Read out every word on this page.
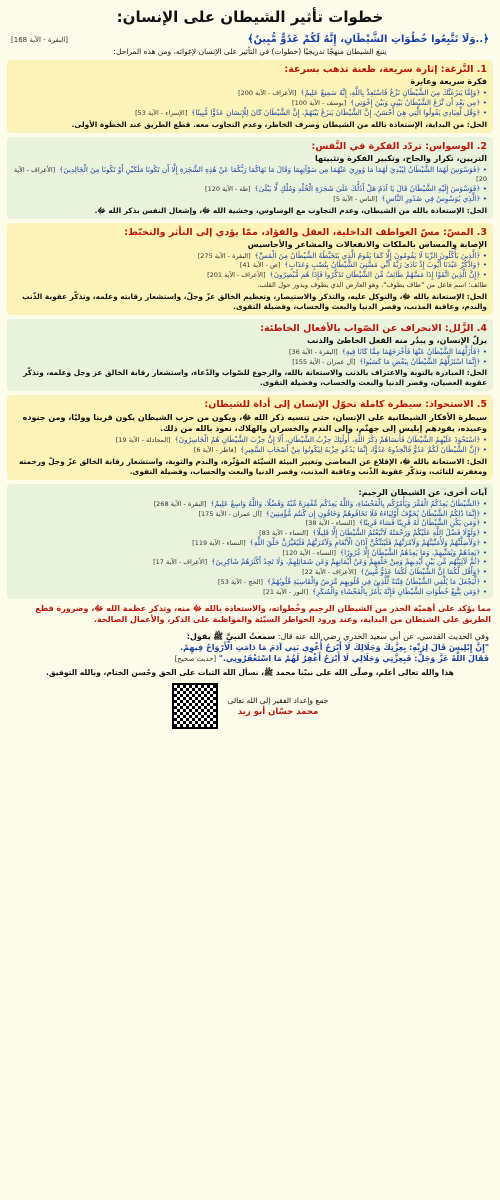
خطوات تأثير الشيطان على الإنسان:
﴿..وَلَا تَتَّبِعُوا خُطُوَاتِ الشَّيْطَانِ، إِنَّهُ لَكُمْ عَدُوٌّ مُّبِينٌ﴾
[البقرة - الآية 168]
يتبع الشيطان منهجًا تدريجيًا (خطوات) في التأثير على الإنسان لإغوائه، ومن هذه المراحل:
1. النَّزغة: إثارة سريعة، طعنة تذهب بسرعة:
فكرة سريعة وعابرة

• ﴿وَإِمَّا يَنزَغَنَّكَ مِنَ الشَّيْطَانِ نَزْغٌ فَاسْتَعِذْ بِاللَّهِ، إِنَّهُ سَمِيعٌ عَلِيمٌ﴾[الأعراف - الآية 200]

• ﴿مِن بَعْدِ أَن نَّزَغَ الشَّيْطَانُ بَيْنِي وَبَيْنَ إِخْوَتِي﴾[يوسف - الآية 100]

• ﴿وَقُل لِّعِبَادِي يَقُولُوا الَّتِي هِيَ أَحْسَنُ، إِنَّ الشَّيْطَانَ يَنزَغُ بَيْنَهُمْ، إِنَّ الشَّيْطَانَ كَانَ لِلْإِنسَانِ عَدُوًّا مُّبِينًا﴾[الإسراء - الآية 53]

الحل: من البداية، الإستعاذة بالله من الشيطان وصرف الخاطر، وعدم التجاوب معه. قطع الطريق عند الخطوة الأولى.
2. الوسواس: تردّد الفكرة في النَّفس:
التزيين، تكرار والحاح، وتكبير الفكرة وتثبيتها

• ﴿فَوَسْوَسَ لَهُمَا الشَّيْطَانُ لِيُبْدِيَ لَهُمَا مَا وُورِيَ عَنْهُمَا مِن سَوْآتِهِمَا وَقَالَ مَا نَهَاكُمَا رَبُّكُمَا عَنْ هَٰذِهِ الشَّجَرَةِ إِلَّا أَن تَكُونَا مَلَكَيْنِ أَوْ تَكُونَا مِنَ الْخَالِدِينَ﴾[الأعراف - الآية 20]

• ﴿فَوَسْوَسَ إِلَيْهِ الشَّيْطَانُ قَالَ يَا آدَمُ هَلْ أَدُلُّكَ عَلَىٰ شَجَرَةِ الْخُلْدِ وَمُلْكٍ لَّا يَبْلَىٰ﴾[طه - الآية 120]

• ﴿الَّذِي يُوَسْوِسُ فِي صُدُورِ النَّاسِ﴾[الناس - الآية 5]

الحل: الإستعاذة بالله من الشيطان، وعدم التجاوب مع الوساوس، وخشية الله ﷻ، وإشغال النفس بذكر الله ﷻ.
3. المسّ: مسّ العواطف الداخلية، العقل والفؤاد، ممّا يؤدي إلى التأثر والتخبّط:
الإصابة والمساس بالملكات والانفعالات والمشاعر والأحاسيس

• ﴿الَّذِينَ يَأْكُلُونَ الرِّبَا لَا يَقُومُونَ إِلَّا كَمَا يَقُومُ الَّذِي يَتَخَبَّطُهُ الشَّيْطَانُ مِنَ الْمَسِّ﴾[البقرة - الآية 275]

• ﴿وَاذْكُرْ عَبْدَنَا أَيُّوبَ إِذْ نَادَىٰ رَبَّهُ أَنِّي مَسَّنِيَ الشَّيْطَانُ بِنُصْبٍ وَعَذَابٍ﴾[ص - الآية 41]

• ﴿إِنَّ الَّذِينَ اتَّقَوْا إِذَا مَسَّهُمْ طَائِفٌ مِّنَ الشَّيْطَانِ تَذَكَّرُوا فَإِذَا هُم مُّبْصِرُونَ﴾[الأعراف - الآية 201]

طائف: اسم فاعل من "طاف يطوف"، وهو العارض الذي يطوف ويدور حول القلب.
الحل: الإستعانة بالله ﷻ، والتوكل عليه، والتذكر والاستبصار، وتعظيم الخالق عزّ وجلّ، واستشعار رقابته وعلمه، وتذكّر عقوبة الذّنب والندم، وعاقبة المذنب، وقصر الدنيا والبعث والحساب، وفضيلة التقوى.
4. الزَّلل: الانحراف عن الصّواب بالأفعال الخاطئة:
يزلّ الإنسان، و يبدُر منه الفعل الخاطئ والذنب

• ﴿فَأَزَلَّهُمَا الشَّيْطَانُ عَنْهَا فَأَخْرَجَهُمَا مِمَّا كَانَا فِيهِ﴾[البقرة - الآية 36]

• ﴿إِنَّمَا اسْتَزَلَّهُمُ الشَّيْطَانُ بِبَعْضِ مَا كَسَبُوا﴾[آل عمران - الآية 155]

الحل: المبادرة بالتوبة والاعتراف بالذنب والاستعانة بالله، والرجوع للصّواب والدّعاء، واستشعار رقابة الخالق عز وجل وعلمه، وتذكّر عقوبة العصيان، وقصر الدنيا والبعث والحساب، وفضيلة التقوى.
5. الاستحواذ: سيطرة كاملة تحوّل الإنسان إلى أداة للشيطان:
سيطرة الأفكار الشيطانية على الإنسان، حتى تنسيه ذكر الله ﷻ، ويكون من حزب الشيطان يكون قرينا ووليًا، ومن جنوده وعبيده، يقودهم إبليس إلى جهنّم، وإلى الندم والخسران والهلاك، نعوذ بالله من ذلك.

• ﴿اسْتَحْوَذَ عَلَيْهِمُ الشَّيْطَانُ فَأَنسَاهُمْ ذِكْرَ اللَّهِ، أُولَٰئِكَ حِزْبُ الشَّيْطَانِ، أَلَا إِنَّ حِزْبَ الشَّيْطَانِ هُمُ الْخَاسِرُونَ﴾[المجادلة - الآية 19]

• ﴿إِنَّ الشَّيْطَانَ لَكُمْ عَدُوٌّ فَاتَّخِذُوهُ عَدُوًّا، إِنَّمَا يَدْعُو حِزْبَهُ لِيَكُونُوا مِنْ أَصْحَابِ السَّعِيرِ﴾[فاطر - الآية 6]

الحل: الاستعانة بالله ﷻ، الإقلاع عن المعاصي وتغيير البيئة السيّئة المؤثّرة، والندم والتوبة، واستشعار رقابة الخالق عزّ وجلّ ورحمته ومغفرته للتائب، وتذكّر عقوبة الذّنب وعاقبة المذنب، وقصر الدنيا والبعث والحساب، وفضيلة التقوى.
آيات أخرى، عن الشيطان الرجيم:

• ﴿الشَّيْطَانُ يَعِدُكُمُ الْفَقْرَ وَيَأْمُرُكُم بِالْفَحْشَاءِ، وَاللَّهُ يَعِدُكُم مَّغْفِرَةً مِّنْهُ وَفَضْلًا، وَاللَّهُ وَاسِعٌ عَلِيمٌ﴾[البقرة - الآية 268]

• ﴿إِنَّمَا ذَٰلِكُمُ الشَّيْطَانُ يُخَوِّفُ أَوْلِيَاءَهُ فَلَا تَخَافُوهُمْ وَخَافُونِ إِن كُنتُم مُّؤْمِنِينَ﴾[آل عمران - الآية 175]

• ﴿وَمَن يَكُنِ الشَّيْطَانُ لَهُ قَرِينًا فَسَاءَ قَرِينًا﴾[النساء - الآية 38]

• ﴿وَلَوْلَا فَضْلُ اللَّهِ عَلَيْكُمْ وَرَحْمَتُهُ لَاتَّبَعْتُمُ الشَّيْطَانَ إِلَّا قَلِيلًا﴾[النساء - الآية 83]

• ﴿وَلَأُضِلَّنَّهُمْ وَلَأُمَنِّيَنَّهُمْ وَلَآمُرَنَّهُمْ فَلَيُبَتِّكُنَّ آذَانَ الْأَنْعَامِ وَلَآمُرَنَّهُمْ فَلَيُغَيِّرُنَّ خَلْقَ اللَّهِ﴾[النساء - الآية 119]

• ﴿يَعِدُهُمْ وَيُمَنِّيهِمْ، وَمَا يَعِدُهُمُ الشَّيْطَانُ إِلَّا غُرُورًا﴾[النساء - الآية 120]

• ﴿ثُمَّ لَآتِيَنَّهُم مِّن بَيْنِ أَيْدِيهِمْ وَمِنْ خَلْفِهِمْ وَعَنْ أَيْمَانِهِمْ وَعَن شَمَائِلِهِمْ، وَلَا تَجِدُ أَكْثَرَهُمْ شَاكِرِينَ﴾[الأعراف - الآية 17]

• ﴿وَأَقُل لَّكُمَا إِنَّ الشَّيْطَانَ لَكُمَا عَدُوٌّ مُّبِينٌ﴾[الأعراف - الآية 22]

• ﴿لِّيَجْعَلَ مَا يُلْقِي الشَّيْطَانُ فِتْنَةً لِّلَّذِينَ فِي قُلُوبِهِم مَّرَضٌ وَالْقَاسِيَةِ قُلُوبُهُمْ﴾[الحج - الآية 53]

• ﴿وَمَن يَتَّبِعْ خُطُوَاتِ الشَّيْطَانِ فَإِنَّهُ يَأْمُرُ بِالْفَحْشَاءِ وَالْمُنكَرِ﴾[النور - الآية 21]

مما يؤكد على أهميّة الحذر من الشيطان الرجيم وخُطواته، والاستعاذة بالله ﷻ منه، وتذكر عظمة الله ﷻ، وضرورة قطع الطريق على الشيطان من البداية، وعند ورود الخواطر السيّئة والمواظبة على الذكر، والأعمال الصالحة.
وفي الحديث القدسي، عن أبي سعيد الخدري رضي الله عنه قال: سمعتُ النبيَّ ﷺ يقول:
"إِنَّ إِبْلِيسَ قَالَ لِرَبِّهِ: بِعِزَّتِكَ وَجَلَالِكَ لَا أَبْرَحُ أُغْوِي بَنِي آدَمَ مَا دَامَتِ الْأَرْوَاحُ فِيهِمْ.
فَقَالَ اللَّهُ عَزَّ وَجَلَّ: فَبِعِزَّتِي وَجَلَالِي لَا أَبْرَحُ أَغْفِرُ لَهُمْ مَا اسْتَغْفَرُونِي." [حديث صحيح]
هذا والله تعالى أعلم، وصلّى الله على نبيّنا محمد ﷺ، نسأل الله الثبات على الحق وحُسن الختام، وبالله التوفيق.
جمع وإعداد الفقير إلى الله تعالى
محمد حسّان أبو زيد
